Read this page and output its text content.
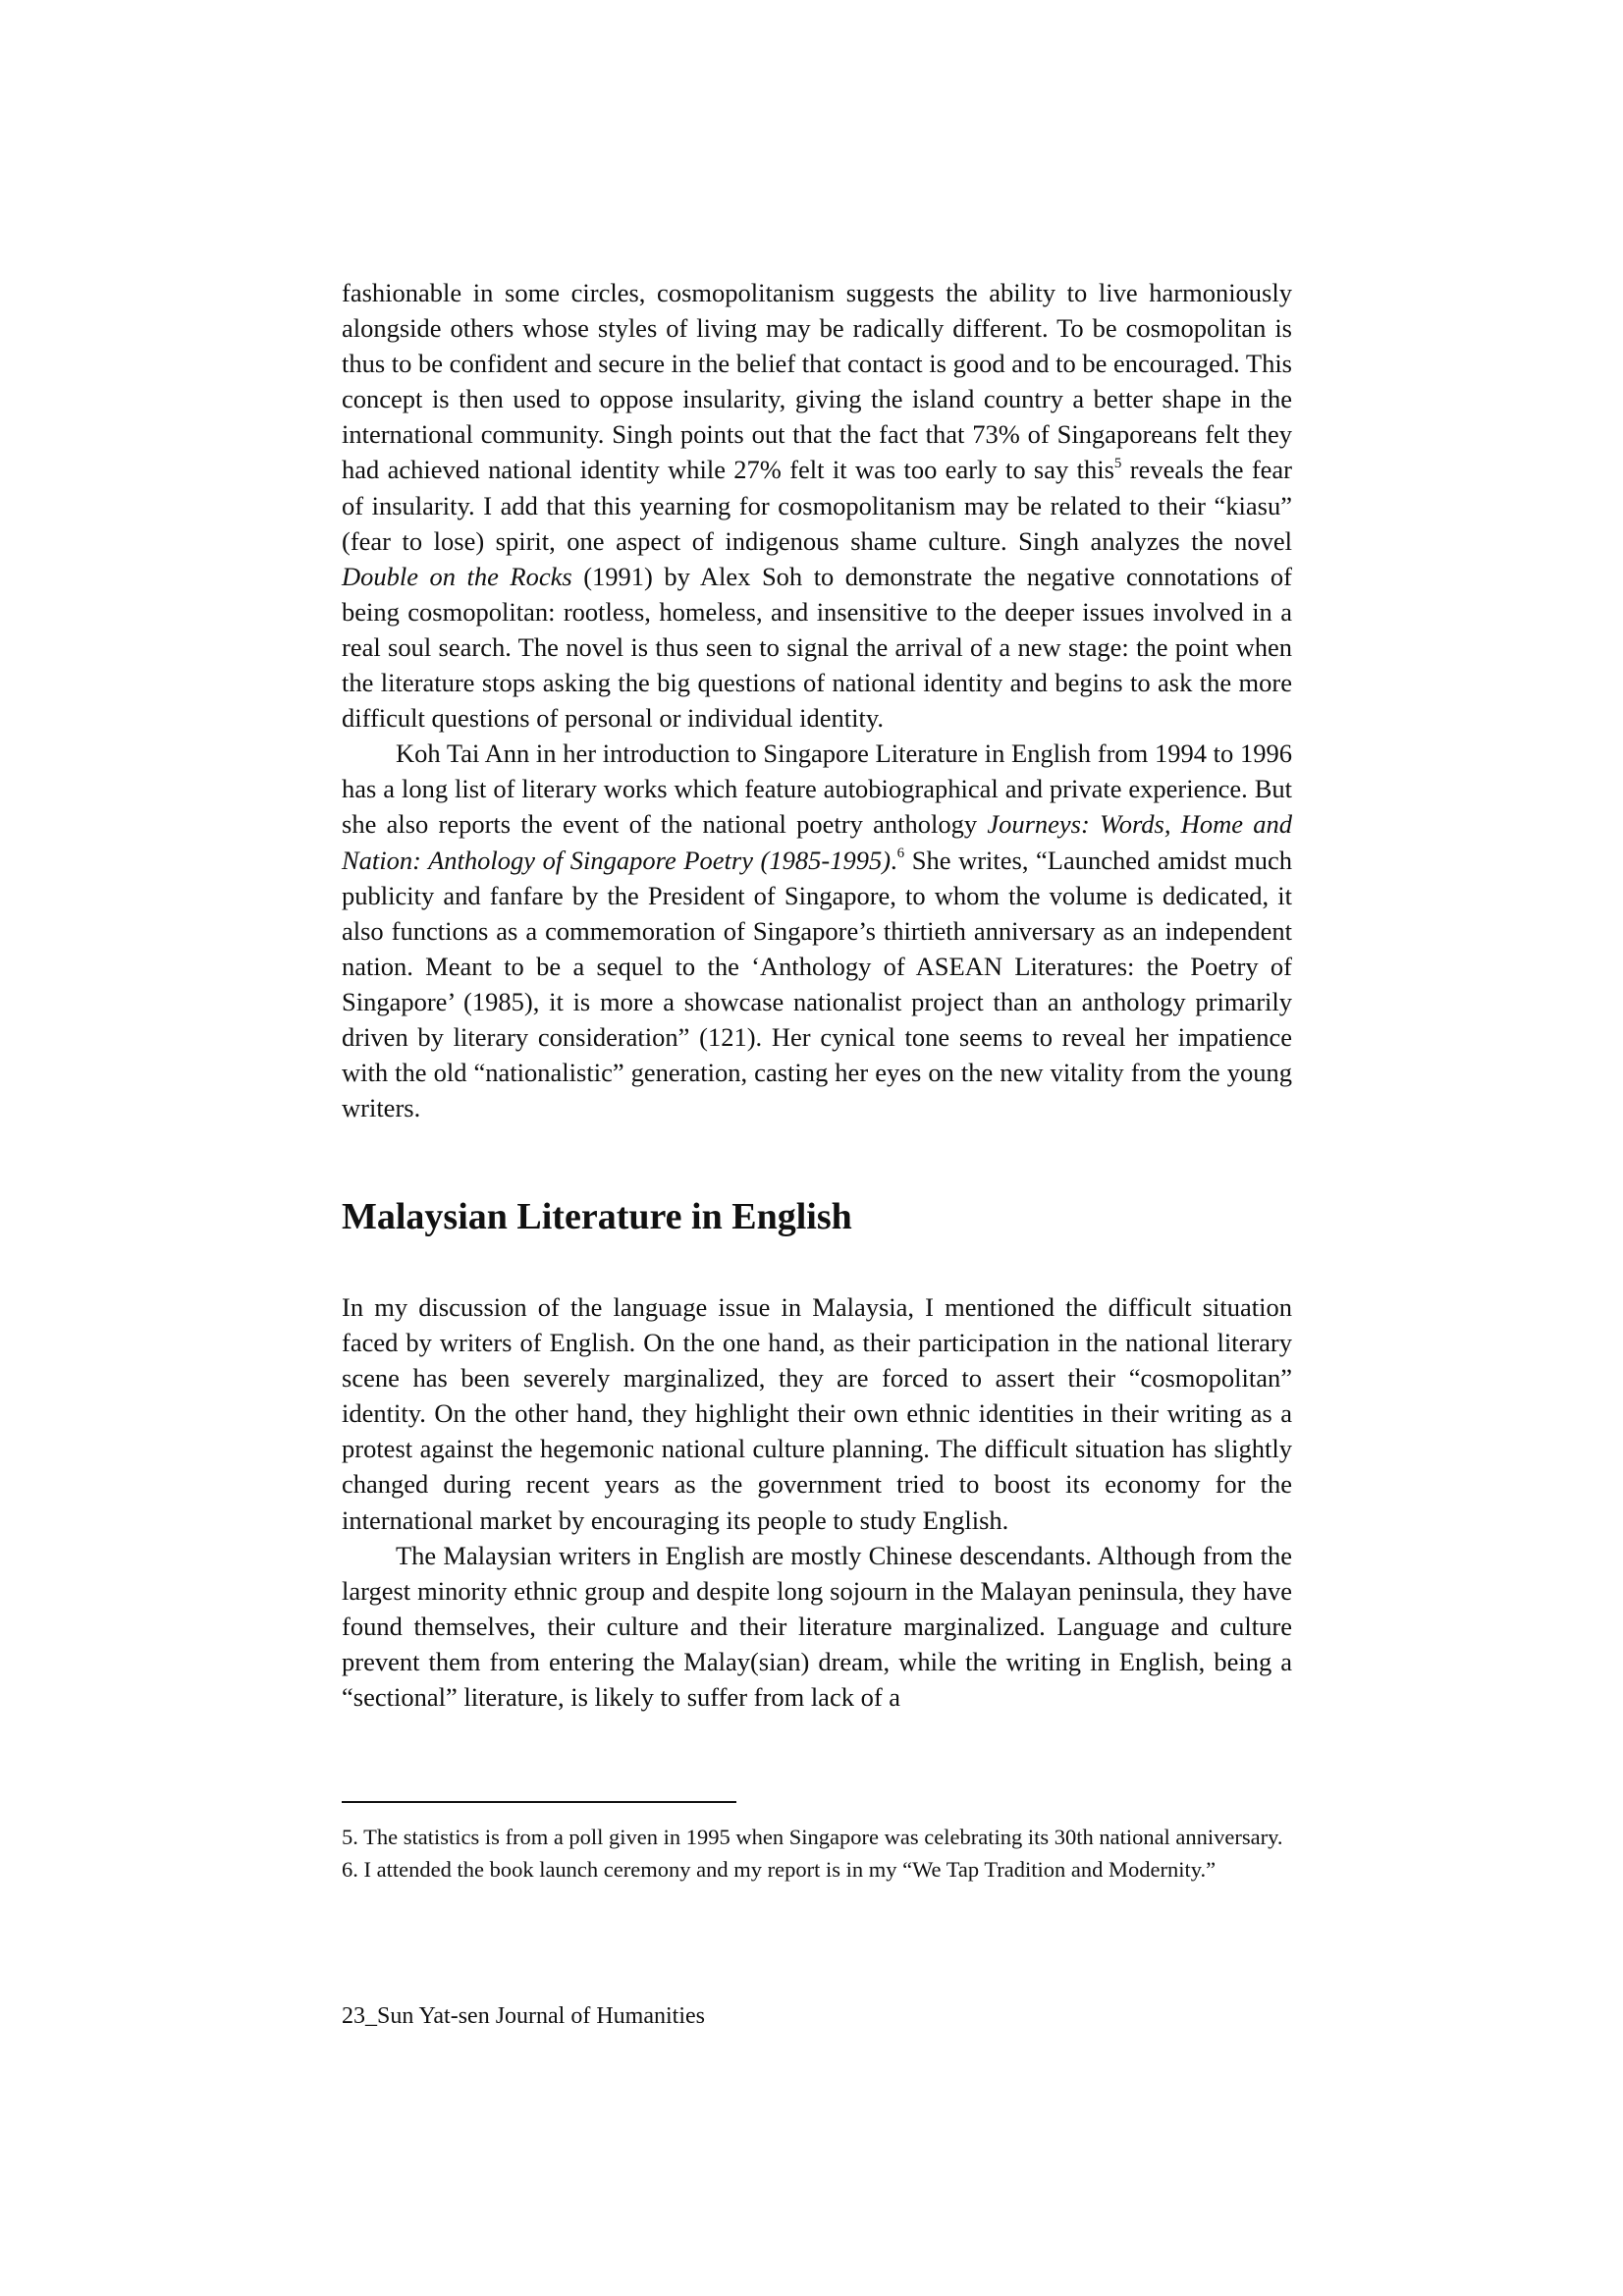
fashionable in some circles, cosmopolitanism suggests the ability to live harmoniously alongside others whose styles of living may be radically different. To be cosmopolitan is thus to be confident and secure in the belief that contact is good and to be encouraged. This concept is then used to oppose insularity, giving the island country a better shape in the international community. Singh points out that the fact that 73% of Singaporeans felt they had achieved national identity while 27% felt it was too early to say this$^5$ reveals the fear of insularity. I add that this yearning for cosmopolitanism may be related to their “kiasu” (fear to lose) spirit, one aspect of indigenous shame culture. Singh analyzes the novel Double on the Rocks (1991) by Alex Soh to demonstrate the negative connotations of being cosmopolitan: rootless, homeless, and insensitive to the deeper issues involved in a real soul search. The novel is thus seen to signal the arrival of a new stage: the point when the literature stops asking the big questions of national identity and begins to ask the more difficult questions of personal or individual identity.

Koh Tai Ann in her introduction to Singapore Literature in English from 1994 to 1996 has a long list of literary works which feature autobiographical and private experience. But she also reports the event of the national poetry anthology Journeys: Words, Home and Nation: Anthology of Singapore Poetry (1985-1995).$^6$ She writes, “Launched amidst much publicity and fanfare by the President of Singapore, to whom the volume is dedicated, it also functions as a commemoration of Singapore’s thirtieth anniversary as an independent nation. Meant to be a sequel to the ‘Anthology of ASEAN Literatures: the Poetry of Singapore’ (1985), it is more a showcase nationalist project than an anthology primarily driven by literary consideration” (121). Her cynical tone seems to reveal her impatience with the old “nationalistic” generation, casting her eyes on the new vitality from the young writers.

Malaysian Literature in English

In my discussion of the language issue in Malaysia, I mentioned the difficult situation faced by writers of English. On the one hand, as their participation in the national literary scene has been severely marginalized, they are forced to assert their “cosmopolitan” identity. On the other hand, they highlight their own ethnic identities in their writing as a protest against the hegemonic national culture planning. The difficult situation has slightly changed during recent years as the government tried to boost its economy for the international market by encouraging its people to study English.

The Malaysian writers in English are mostly Chinese descendants. Although from the largest minority ethnic group and despite long sojourn in the Malayan peninsula, they have found themselves, their culture and their literature marginalized. Language and culture prevent them from entering the Malay(sian) dream, while the writing in English, being a “sectional” literature, is likely to suffer from lack of a

5. The statistics is from a poll given in 1995 when Singapore was celebrating its 30th national anniversary.
6. I attended the book launch ceremony and my report is in my “We Tap Tradition and Modernity.”
23_Sun Yat-sen Journal of Humanities
